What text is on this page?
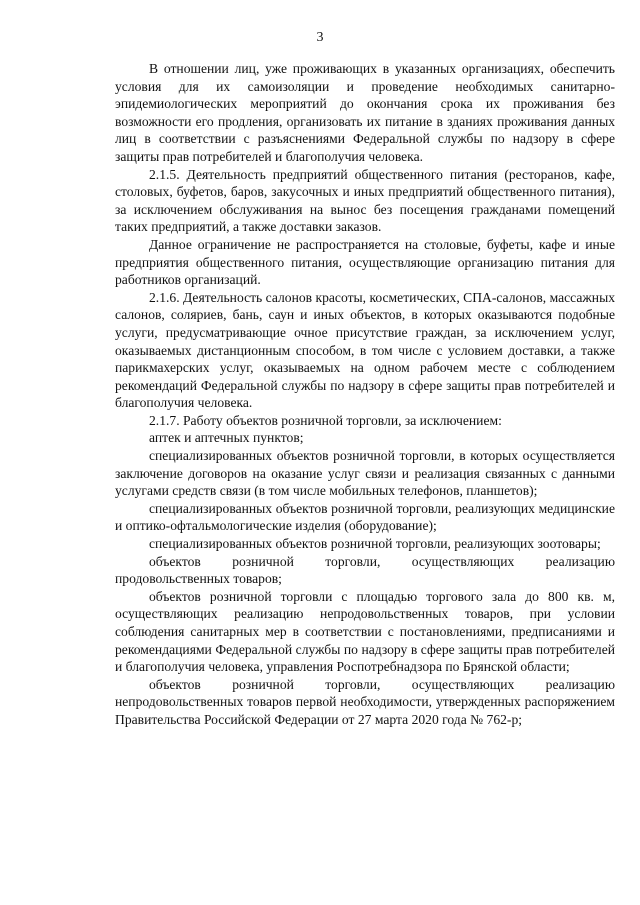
3

В отношении лиц, уже проживающих в указанных организациях, обеспечить условия для их самоизоляции и проведение необходимых санитарно-эпидемиологических мероприятий до окончания срока их проживания без возможности его продления, организовать их питание в зданиях проживания данных лиц в соответствии с разъяснениями Федеральной службы по надзору в сфере защиты прав потребителей и благополучия человека.

2.1.5. Деятельность предприятий общественного питания (ресторанов, кафе, столовых, буфетов, баров, закусочных и иных предприятий общественного питания), за исключением обслуживания на вынос без посещения гражданами помещений таких предприятий, а также доставки заказов.

Данное ограничение не распространяется на столовые, буфеты, кафе и иные предприятия общественного питания, осуществляющие организацию питания для работников организаций.

2.1.6. Деятельность салонов красоты, косметических, СПА-салонов, массажных салонов, соляриев, бань, саун и иных объектов, в которых оказываются подобные услуги, предусматривающие очное присутствие граждан, за исключением услуг, оказываемых дистанционным способом, в том числе с условием доставки, а также парикмахерских услуг, оказываемых на одном рабочем месте с соблюдением рекомендаций Федеральной службы по надзору в сфере защиты прав потребителей и благополучия человека.

2.1.7. Работу объектов розничной торговли, за исключением:

аптек и аптечных пунктов;

специализированных объектов розничной торговли, в которых осуществляется заключение договоров на оказание услуг связи и реализация связанных с данными услугами средств связи (в том числе мобильных телефонов, планшетов);

специализированных объектов розничной торговли, реализующих медицинские и оптико-офтальмологические изделия (оборудование);

специализированных объектов розничной торговли, реализующих зоотовары;

объектов розничной торговли, осуществляющих реализацию продовольственных товаров;

объектов розничной торговли с площадью торгового зала до 800 кв. м, осуществляющих реализацию непродовольственных товаров, при условии соблюдения санитарных мер в соответствии с постановлениями, предписаниями и рекомендациями Федеральной службы по надзору в сфере защиты прав потребителей и благополучия человека, управления Роспотребнадзора по Брянской области;

объектов розничной торговли, осуществляющих реализацию непродовольственных товаров первой необходимости, утвержденных распоряжением Правительства Российской Федерации от 27 марта 2020 года № 762-р;
